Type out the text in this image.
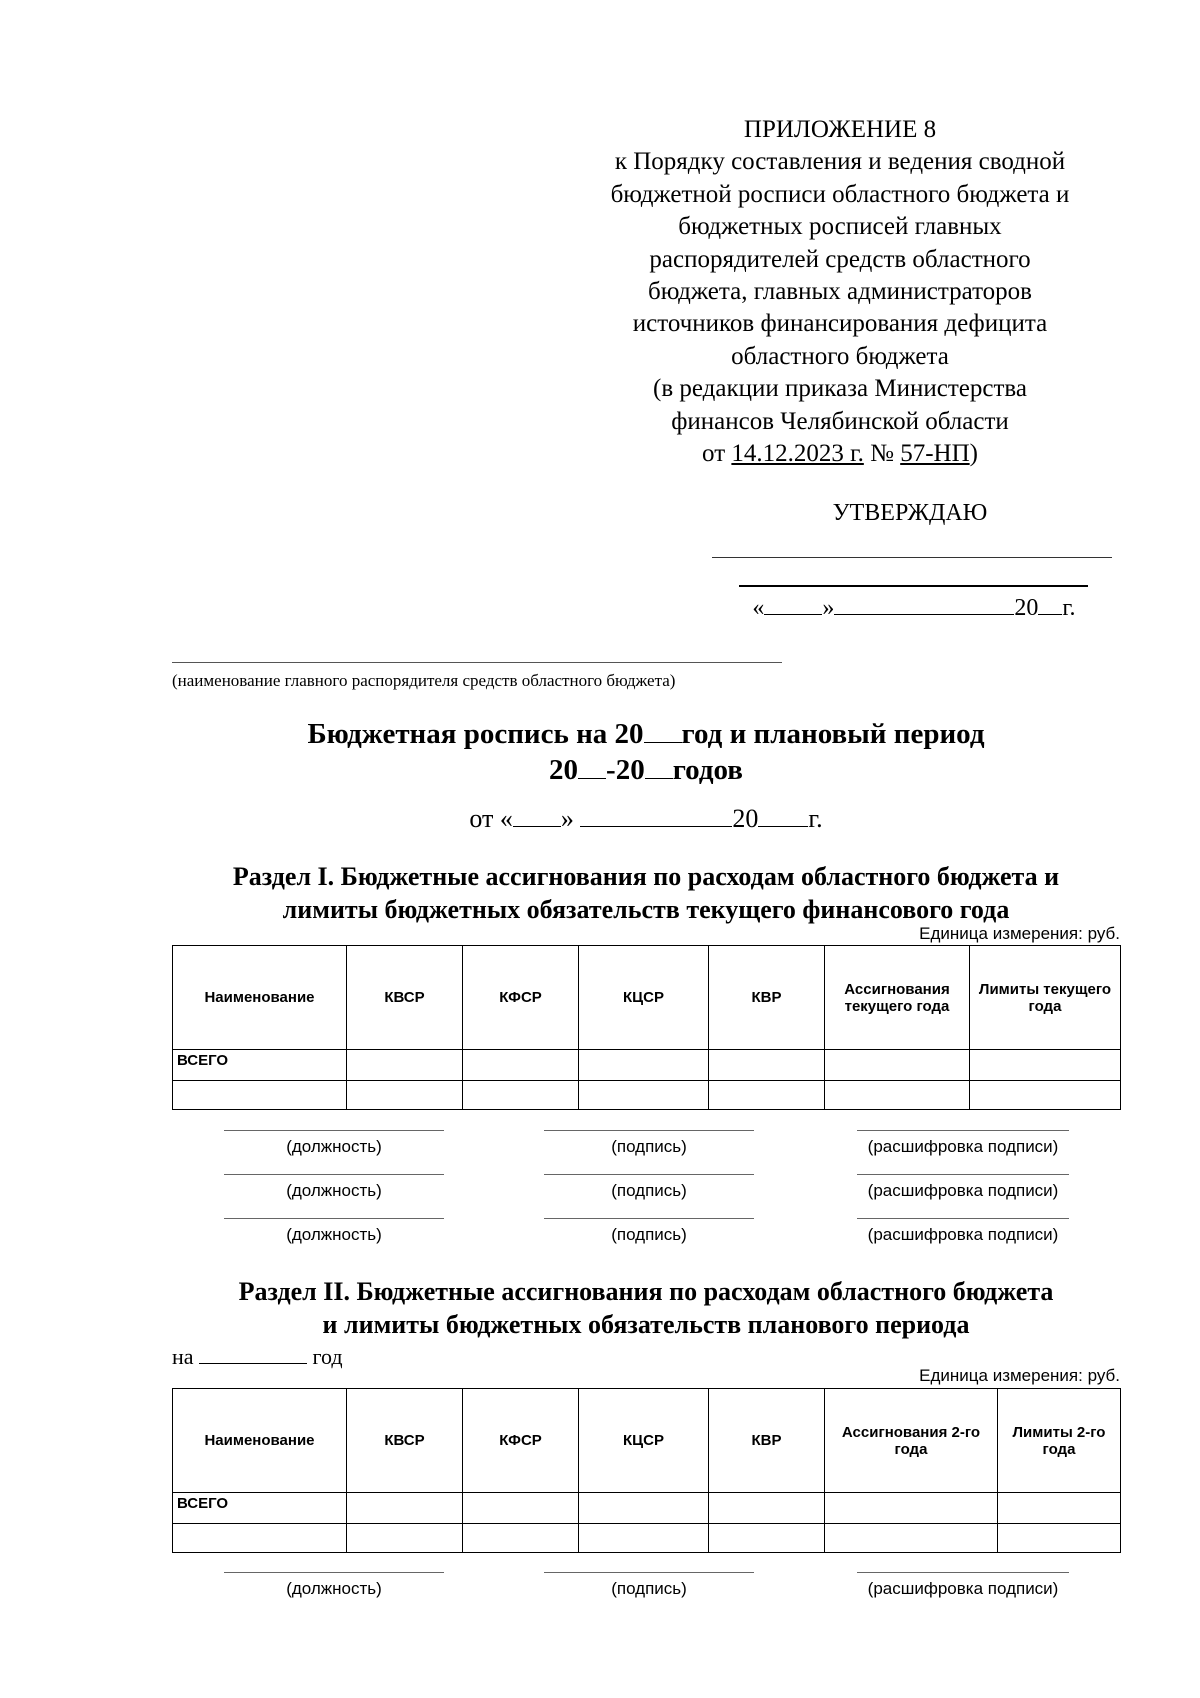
ПРИЛОЖЕНИЕ 8
к Порядку составления и ведения сводной
бюджетной росписи областного бюджета и
бюджетных росписей главных
распорядителей средств областного
бюджета, главных администраторов
источников финансирования дефицита
областного бюджета
(в редакции приказа Министерства
финансов Челябинской области
от 14.12.2023 г. № 57-НП)
УТВЕРЖДАЮ
« »	20 г.
(наименование главного распорядителя средств областного бюджета)
Бюджетная роспись на 20 год и плановый период
20 -20 годов
от « »	20 г.
Раздел I. Бюджетные ассигнования по расходам областного бюджета и
лимиты бюджетных обязательств текущего финансового года
Единица измерения: руб.
Наименование	КВСР	КФСР	КЦСР	КВР	Ассигнования текущего года	Лимиты текущего года
ВСЕГО						

(должность)	(подпись)	(расшифровка подписи)
(должность)	(подпись)	(расшифровка подписи)
(должность)	(подпись)	(расшифровка подписи)
Раздел II. Бюджетные ассигнования по расходам областного бюджета
и лимиты бюджетных обязательств планового периода
на	год
Единица измерения: руб.
Наименование	КВСР	КФСР	КЦСР	КВР	Ассигнования 2-го года	Лимиты 2-го года
ВСЕГО						

(должность)	(подпись)	(расшифровка подписи)
